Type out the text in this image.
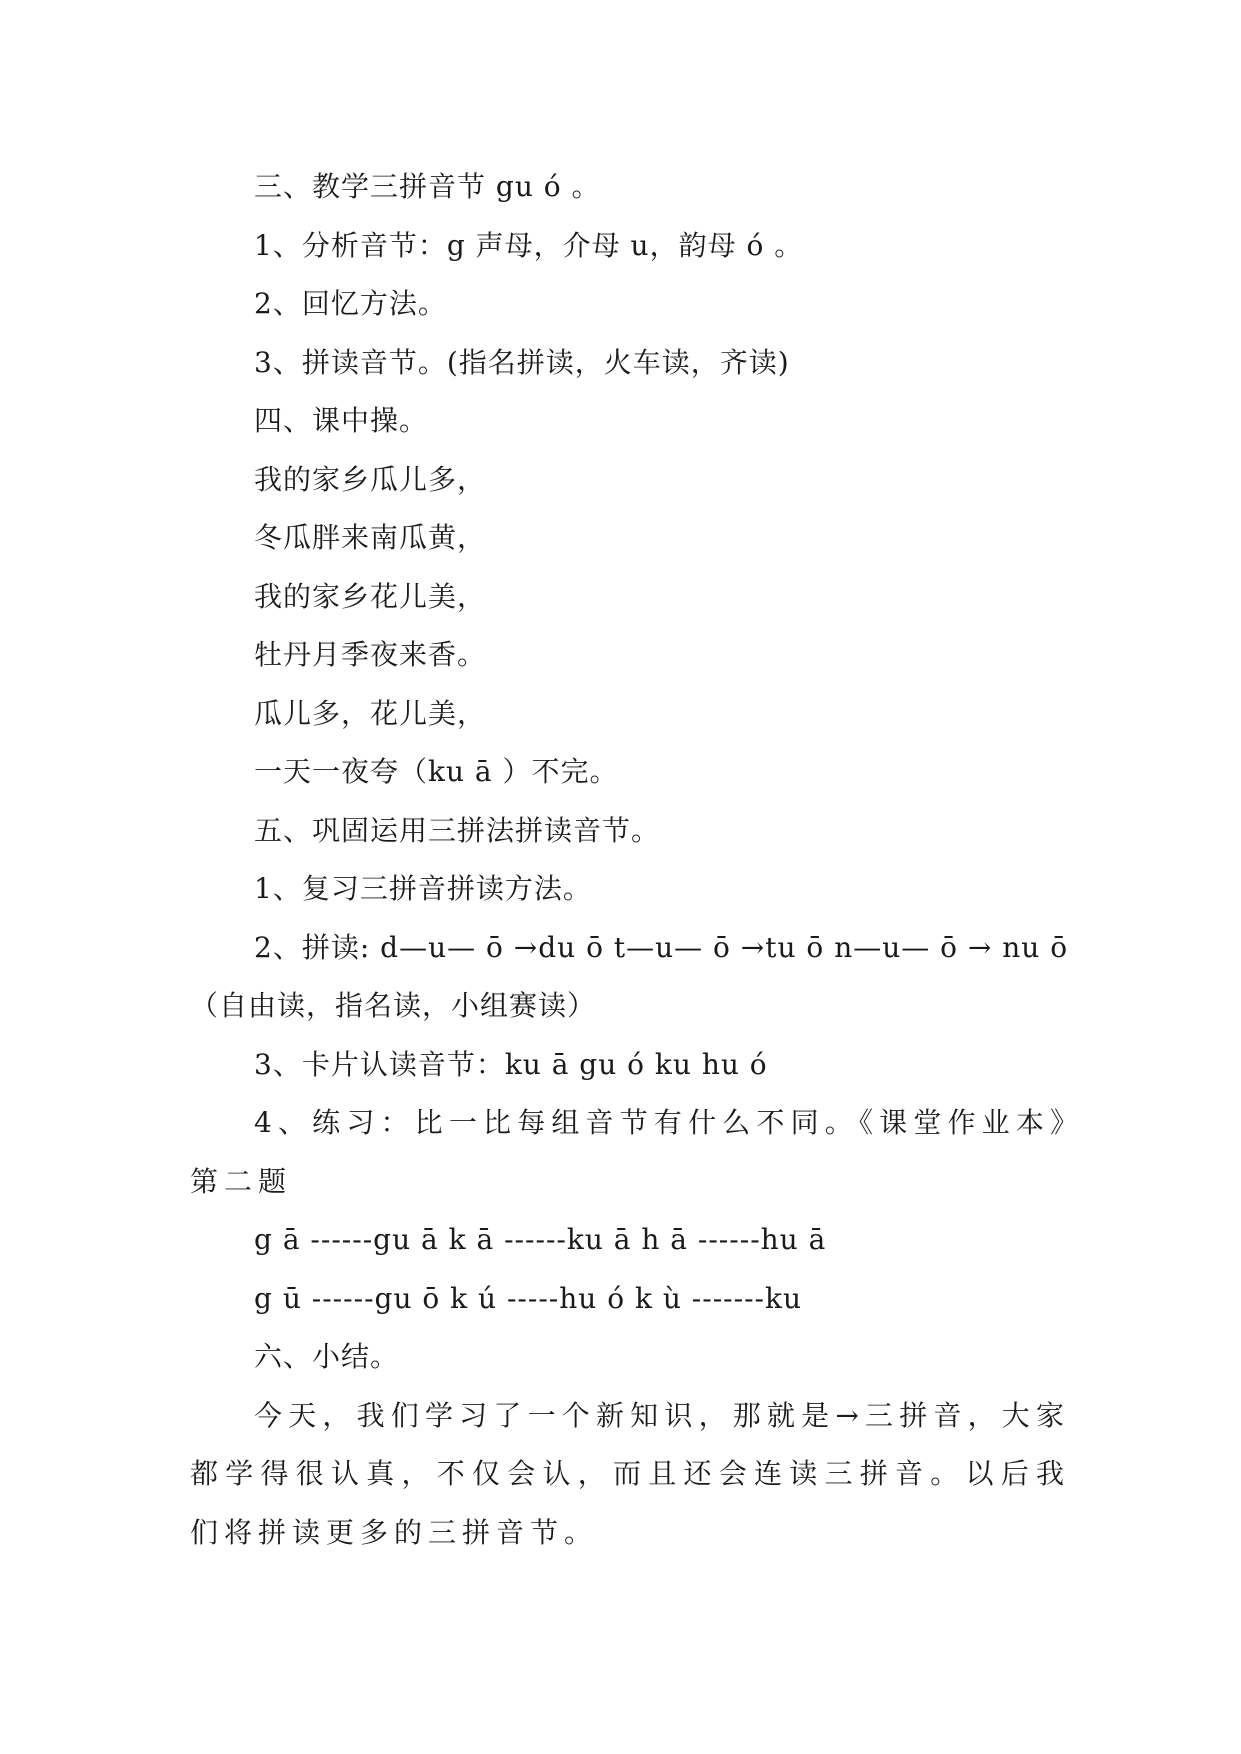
三、教学三拼音节 gu ó 。
1、分析音节：g 声母，介母 u，韵母 ó 。
2、回忆方法。
3、拼读音节。(指名拼读，火车读，齐读)
四、课中操。
我的家乡瓜儿多，
冬瓜胖来南瓜黄，
我的家乡花儿美，
牡丹月季夜来香。
瓜儿多，花儿美，
一天一夜夸（ku ā ）不完。
五、巩固运用三拼法拼读音节。
1、复习三拼音拼读方法。
2、拼读: d—u— ō →du ō t—u— ō →tu ō n—u— ō → nu ō（自由读，指名读，小组赛读）
3、卡片认读音节：ku ā gu ó ku hu ó
4、练习：比一比每组音节有什么不同。《课堂作业本》第二题
g ā ------gu ā k ā ------ku ā h ā ------hu ā
g ū ------gu ō k ú -----hu ó k ù -------ku
六、小结。
今天，我们学习了一个新知识，那就是→三拼音，大家都学得很认真，不仅会认，而且还会连读三拼音。以后我们将拼读更多的三拼音节。
